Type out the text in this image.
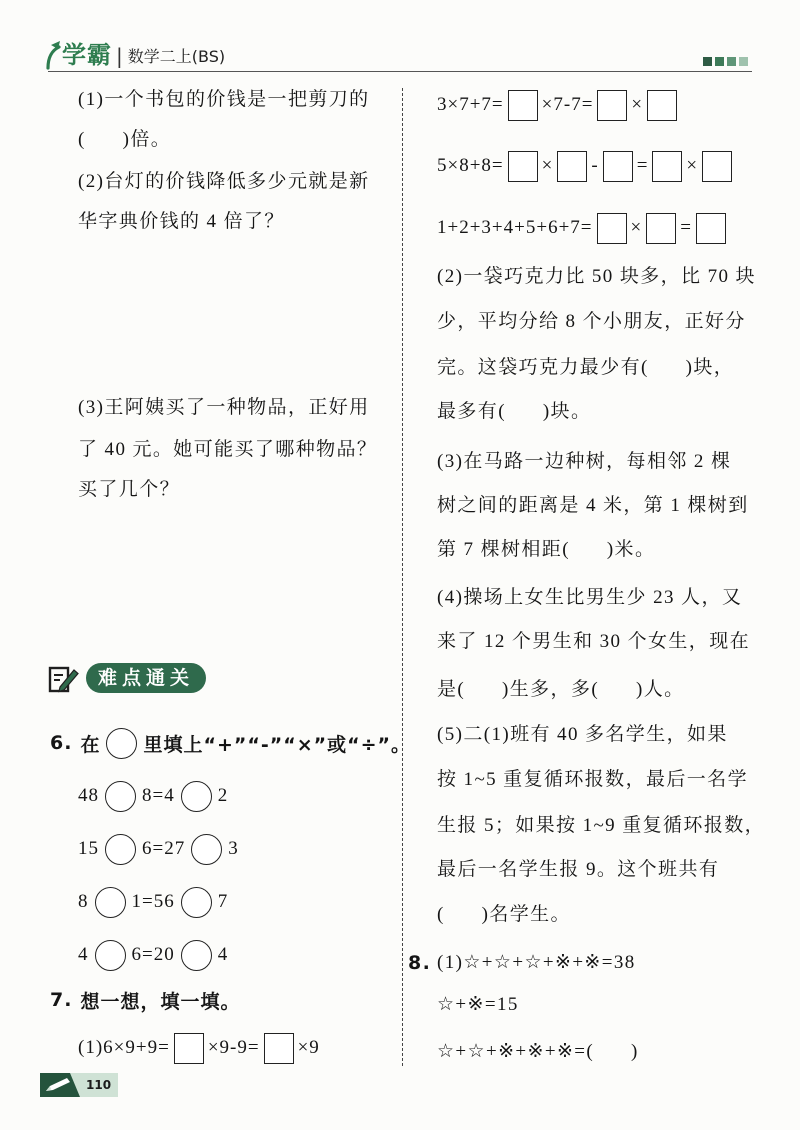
学霸 | 数学二上(BS)
(1)一个书包的价钱是一把剪刀的
(      )倍。
(2)台灯的价钱降低多少元就是新
华字典价钱的 4 倍了？
(3)王阿姨买了一种物品，正好用
了 40 元。她可能买了哪种物品？
买了几个？
难点通关
6. 在 里填上“+”“-”“×”或“÷”。
48 8=4 2
15 6=27 3
8 1=56 7
4 6=20 4
7. 想一想，填一填。
(1)6×9+9= ×9-9= ×9
3×7+7= ×7-7= ×
5×8+8= × - = ×
1+2+3+4+5+6+7= × =
(2)一袋巧克力比 50 块多，比 70 块
少，平均分给 8 个小朋友，正好分
完。这袋巧克力最少有(      )块，
最多有(      )块。
(3)在马路一边种树，每相邻 2 棵
树之间的距离是 4 米，第 1 棵树到
第 7 棵树相距(      )米。
(4)操场上女生比男生少 23 人，又
来了 12 个男生和 30 个女生，现在
是(      )生多，多(      )人。
(5)二(1)班有 40 多名学生，如果
按 1~5 重复循环报数，最后一名学
生报 5；如果按 1~9 重复循环报数，
最后一名学生报 9。这个班共有
(      )名学生。
8. (1)☆+☆+☆+※+※=38
☆+※=15
☆+☆+※+※+※=(      )
110
